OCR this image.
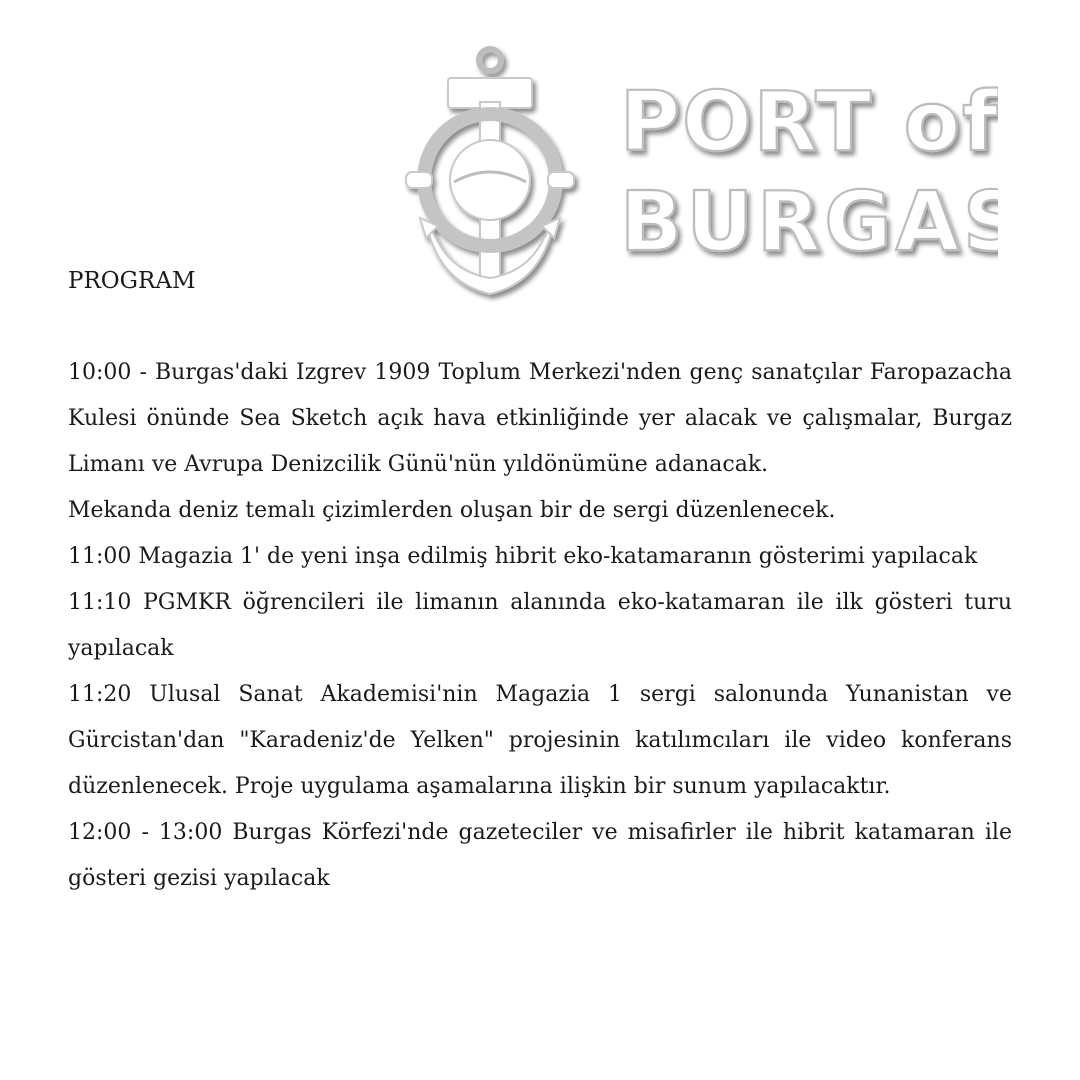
PORT of
BURGAS
PROGRAM

10:00 - Burgas'daki Izgrev 1909 Toplum Merkezi'nden genç sanatçılar Faropazacha Kulesi önünde Sea Sketch açık hava etkinliğinde yer alacak ve çalışmalar, Burgaz Limanı ve Avrupa Denizcilik Günü'nün yıldönümüne adanacak.

Mekanda deniz temalı çizimlerden oluşan bir de sergi düzenlenecek.

11:00 Magazia 1' de yeni inşa edilmiş hibrit eko-katamaranın gösterimi yapılacak

11:10 PGMKR öğrencileri ile limanın alanında eko-katamaran ile ilk gösteri turu yapılacak

11:20 Ulusal Sanat Akademisi'nin Magazia 1 sergi salonunda Yunanistan ve Gürcistan'dan "Karadeniz'de Yelken" projesinin katılımcıları ile video konferans düzenlenecek. Proje uygulama aşamalarına ilişkin bir sunum yapılacaktır.

12:00 - 13:00 Burgas Körfezi'nde gazeteciler ve misafirler ile hibrit katamaran ile gösteri gezisi yapılacak
